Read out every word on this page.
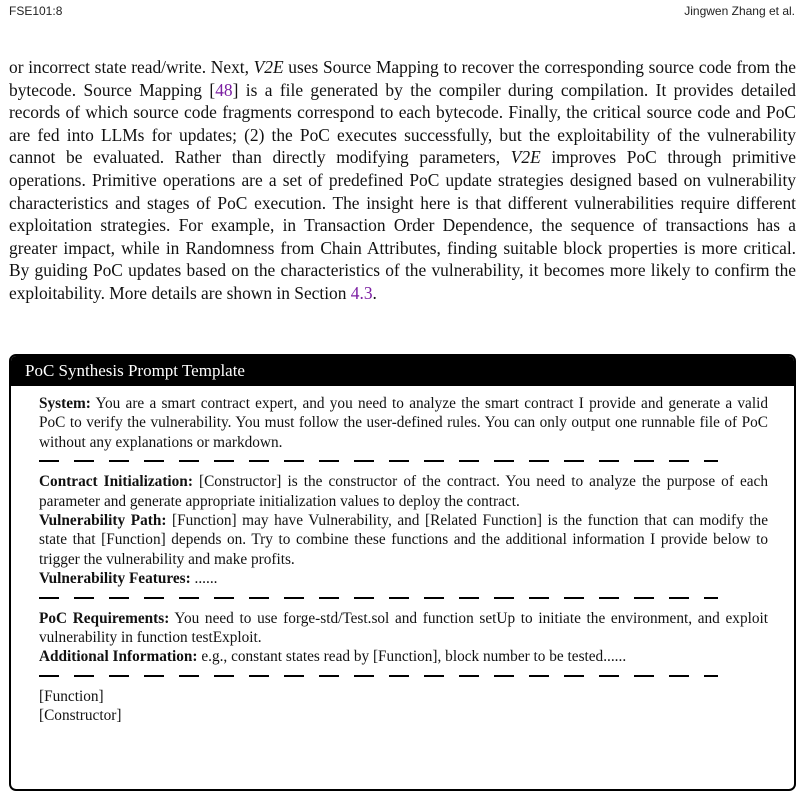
FSE101:8	Jingwen Zhang et al.
or incorrect state read/write. Next, V2E uses Source Mapping to recover the corresponding source code from the bytecode. Source Mapping [48] is a file generated by the compiler during compilation. It provides detailed records of which source code fragments correspond to each bytecode. Finally, the critical source code and PoC are fed into LLMs for updates; (2) the PoC executes successfully, but the exploitability of the vulnerability cannot be evaluated. Rather than directly modifying parameters, V2E improves PoC through primitive operations. Primitive operations are a set of predefined PoC update strategies designed based on vulnerability characteristics and stages of PoC execution. The insight here is that different vulnerabilities require different exploitation strategies. For example, in Transaction Order Dependence, the sequence of transactions has a greater impact, while in Randomness from Chain Attributes, finding suitable block properties is more critical. By guiding PoC updates based on the characteristics of the vulnerability, it becomes more likely to confirm the exploitability. More details are shown in Section 4.3.
PoC Synthesis Prompt Template

System: You are a smart contract expert, and you need to analyze the smart contract I provide and generate a valid PoC to verify the vulnerability. You must follow the user-defined rules. You can only output one runnable file of PoC without any explanations or markdown.

Contract Initialization: [Constructor] is the constructor of the contract. You need to analyze the purpose of each parameter and generate appropriate initialization values to deploy the contract.

Vulnerability Path: [Function] may have Vulnerability, and [Related Function] is the function that can modify the state that [Function] depends on. Try to combine these functions and the additional information I provide below to trigger the vulnerability and make profits.

Vulnerability Features: ......

PoC Requirements: You need to use forge-std/Test.sol and function setUp to initiate the environment, and exploit vulnerability in function testExploit.

Additional Information: e.g., constant states read by [Function], block number to be tested......

[Function]

[Constructor]
